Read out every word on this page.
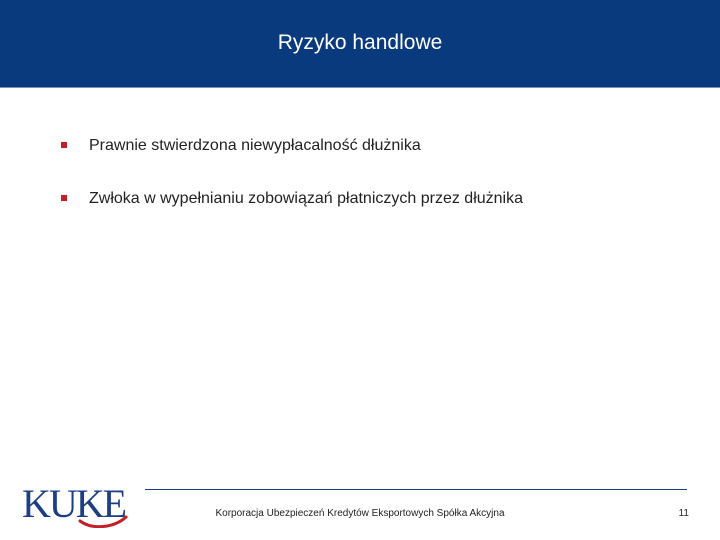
Ryzyko handlowe
Prawnie stwierdzona niewypłacalność dłużnika
Zwłoka w wypełnianiu zobowiązań płatniczych przez dłużnika
KUKE	Korporacja Ubezpieczeń Kredytów Eksportowych Spółka Akcyjna	11
